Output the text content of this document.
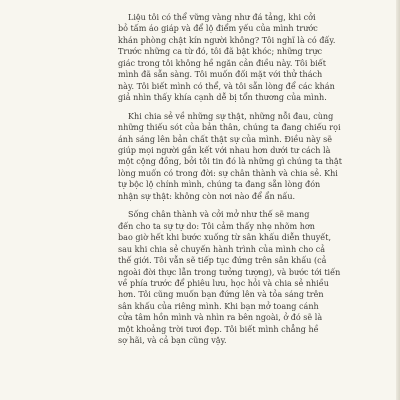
Liệu tôi có thể vững vàng như đá tảng, khi cởi
bỏ tấm áo giáp và để lộ điểm yếu của mình trước
khán phòng chật kín người không? Tôi nghĩ là có đấy.
Trước những ca từ đó, tôi đã bật khóc; những trực
giác trong tôi không hề ngăn cản điều này. Tôi biết
mình đã sẵn sàng. Tôi muốn đối mặt với thử thách
này. Tôi biết mình có thể, và tôi sẵn lòng để các khán
giả nhìn thấy khía cạnh dễ bị tổn thương của mình.

Khi chia sẻ về những sự thật, những nỗi đau, cùng
những thiếu sót của bản thân, chúng ta đang chiếu rọi
ánh sáng lên bản chất thật sự của mình. Điều này sẽ
giúp mọi người gắn kết với nhau hơn dưới tư cách là
một cộng đồng, bởi tôi tin đó là những gì chúng ta thật
lòng muốn có trong đời: sự chân thành và chia sẻ. Khi
tự bộc lộ chính mình, chúng ta đang sẵn lòng đón
nhận sự thật: không còn nơi nào để ẩn nấu.

Sống chân thành và cởi mở như thế sẽ mang
đến cho ta sự tự do: Tôi cảm thấy nhẹ nhõm hơn
bao giờ hết khi bước xuống từ sân khấu diễn thuyết,
sau khi chia sẻ chuyến hành trình của mình cho cả
thế giới. Tôi vẫn sẽ tiếp tục đứng trên sân khấu (cả
ngoài đời thực lẫn trong tưởng tượng), và bước tới tiến
về phía trước để phiêu lưu, học hỏi và chia sẻ nhiều
hơn. Tôi cũng muốn bạn đứng lên và tỏa sáng trên
sân khấu của riêng mình. Khi bạn mở toang cánh
cửa tâm hồn mình và nhìn ra bên ngoài, ở đó sẽ là
một khoảng trời tươi đẹp. Tôi biết mình chẳng hề
sợ hãi, và cả bạn cũng vậy.
